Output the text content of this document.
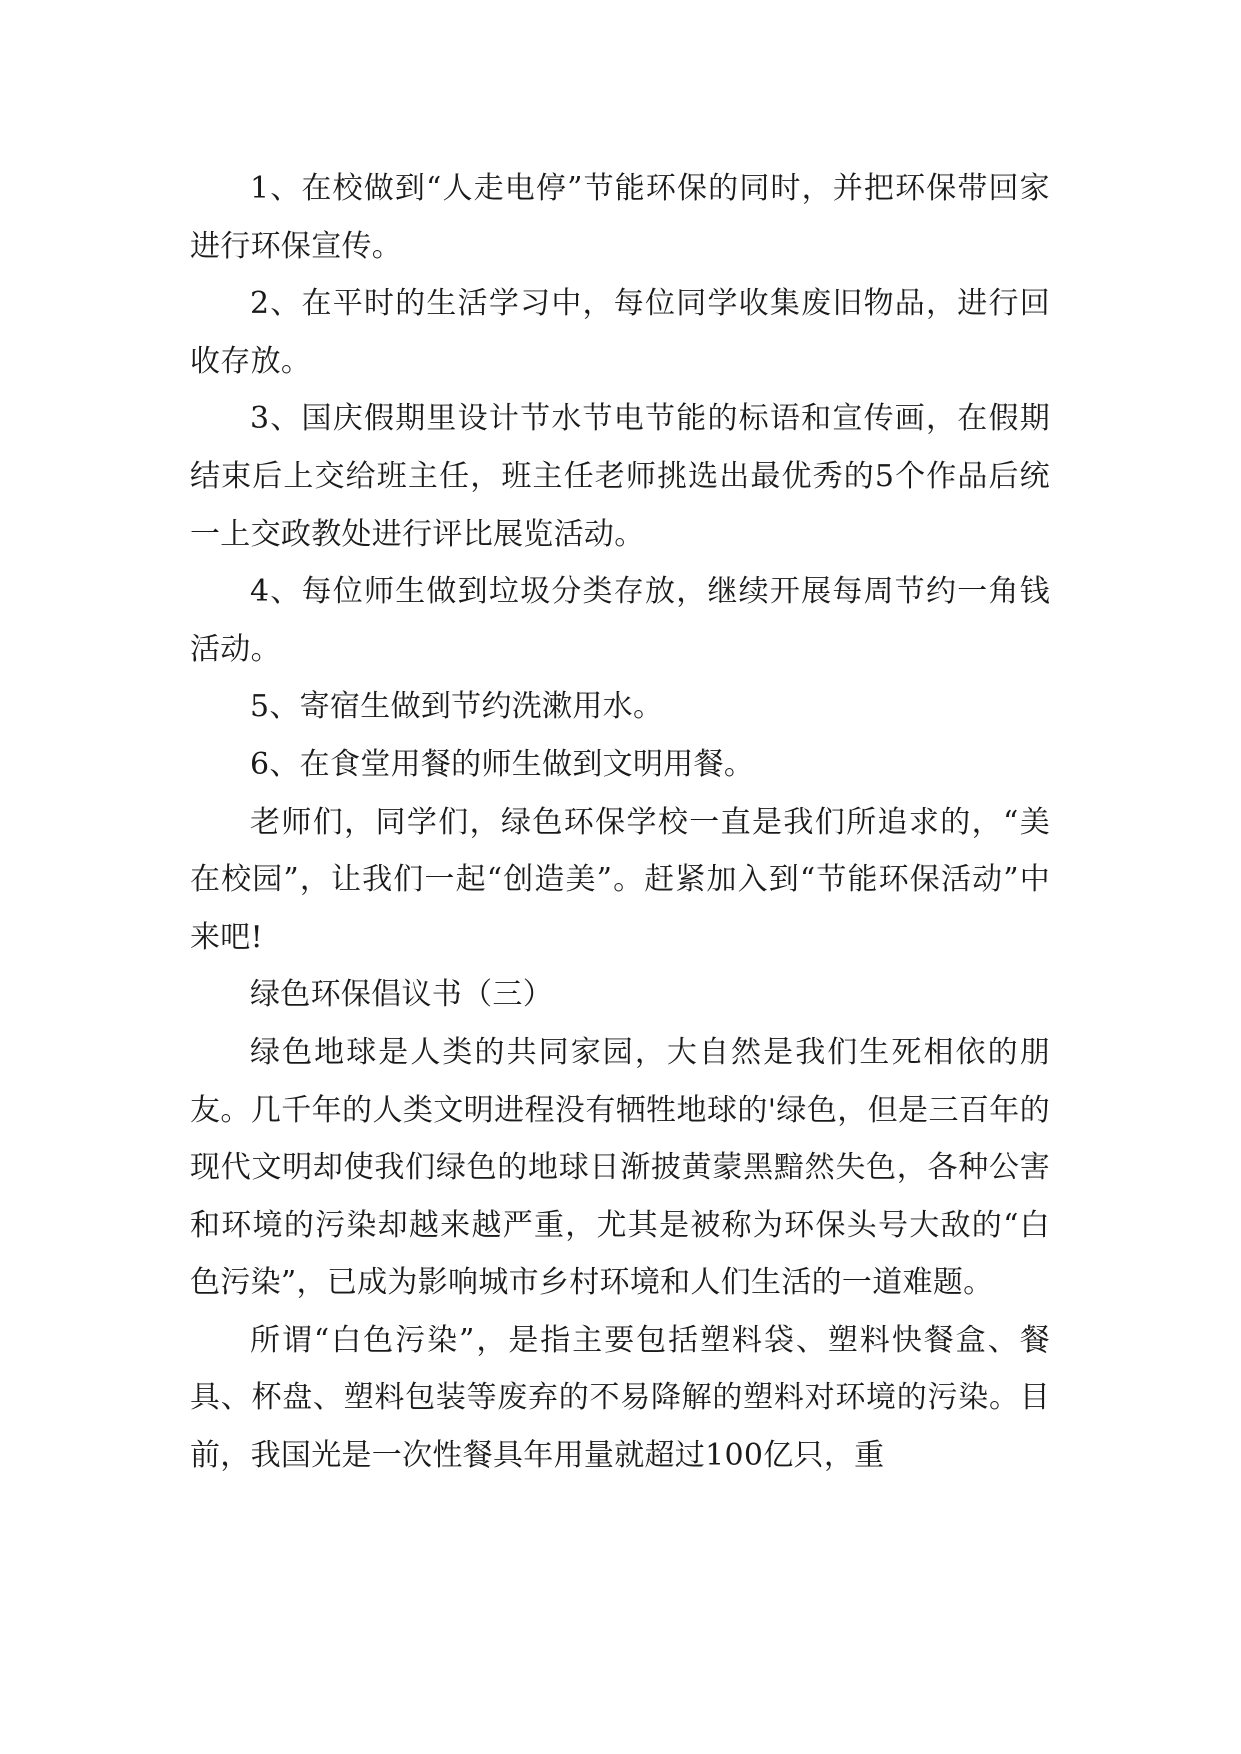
1、在校做到“人走电停”节能环保的同时，并把环保带回家进行环保宣传。

2、在平时的生活学习中，每位同学收集废旧物品，进行回收存放。

3、国庆假期里设计节水节电节能的标语和宣传画，在假期结束后上交给班主任，班主任老师挑选出最优秀的5个作品后统一上交政教处进行评比展览活动。

4、每位师生做到垃圾分类存放，继续开展每周节约一角钱活动。

5、寄宿生做到节约洗漱用水。

6、在食堂用餐的师生做到文明用餐。

老师们，同学们，绿色环保学校一直是我们所追求的，“美在校园”，让我们一起“创造美”。赶紧加入到“节能环保活动”中来吧!

绿色环保倡议书（三）

绿色地球是人类的共同家园，大自然是我们生死相依的朋友。几千年的人类文明进程没有牺牲地球的'绿色，但是三百年的现代文明却使我们绿色的地球日渐披黄蒙黑黯然失色，各种公害和环境的污染却越来越严重，尤其是被称为环保头号大敌的“白色污染”，已成为影响城市乡村环境和人们生活的一道难题。

所谓“白色污染”，是指主要包括塑料袋、塑料快餐盒、餐具、杯盘、塑料包装等废弃的不易降解的塑料对环境的污染。目前，我国光是一次性餐具年用量就超过100亿只，重
